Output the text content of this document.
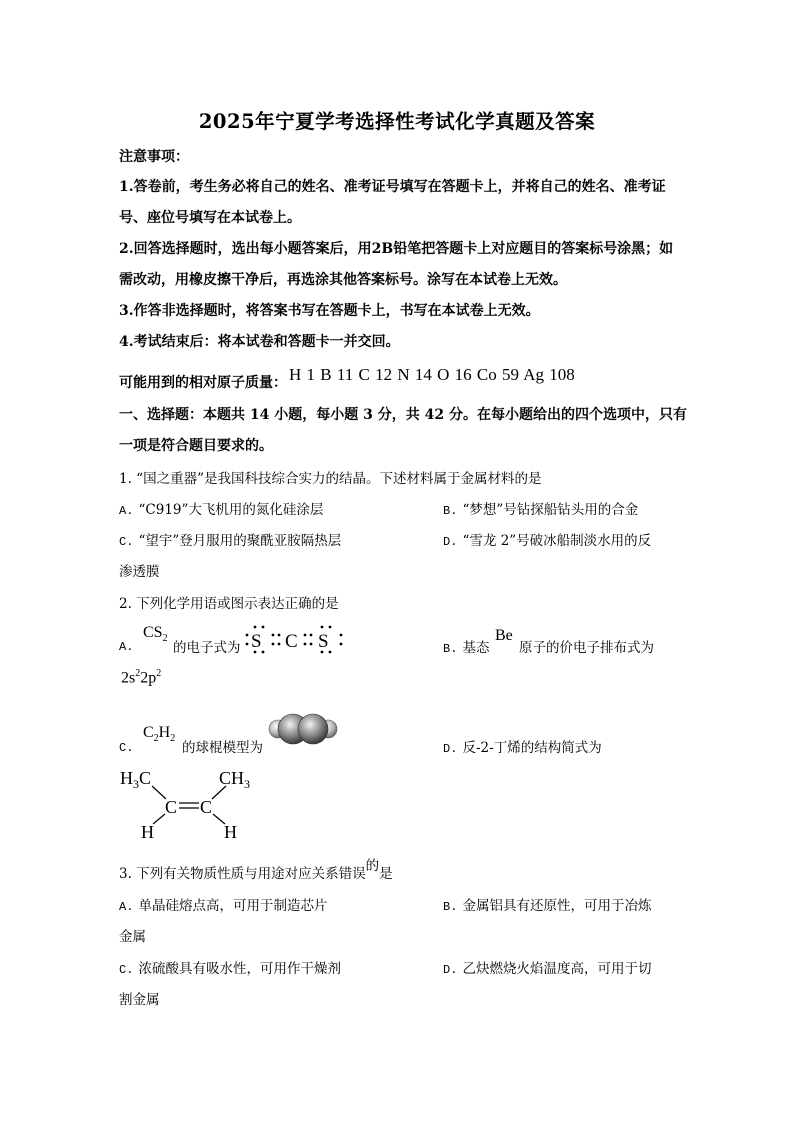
2025年宁夏学考选择性考试化学真题及答案
注意事项：
1.答卷前，考生务必将自己的姓名、准考证号填写在答题卡上，并将自己的姓名、准考证
号、座位号填写在本试卷上。
2.回答选择题时，选出每小题答案后，用2B铅笔把答题卡上对应题目的答案标号涂黑；如
需改动，用橡皮擦干净后，再选涂其他答案标号。涂写在本试卷上无效。
3.作答非选择题时，将答案书写在答题卡上，书写在本试卷上无效。
4.考试结束后：将本试卷和答题卡一并交回。
可能用到的相对原子质量： H 1 B 11 C 12 N 14 O 16 Co 59 Ag 108
一、选择题：本题共 14 小题，每小题 3 分，共 42 分。在每小题给出的四个选项中，只有
一项是符合题目要求的。
1. “国之重器”是我国科技综合实力的结晶。下述材料属于金属材料的是
A. “C919”大飞机用的氮化硅涂层	B. “梦想”号钻探船钻头用的合金
C. “望宇”登月服用的聚酰亚胺隔热层	D. “雪龙 2”号破冰船制淡水用的反
渗透膜
2. 下列化学用语或图示表达正确的是
A.
$CS_2$
的电子式为 S C S	B. 基态
Be
原子的价电子排布式为
$2s^22p^2$
C.
$C_2H_2$
的球棍模型为	D. 反-2-丁烯的结构简式为
$H_3C$	$CH_3$
C C
H	H
3. 下列有关物质性质与用途对应关系错误$^的$是
A. 单晶硅熔点高，可用于制造芯片	B. 金属铝具有还原性，可用于冶炼
金属
C. 浓硫酸具有吸水性，可用作干燥剂	D. 乙炔燃烧火焰温度高，可用于切
割金属
